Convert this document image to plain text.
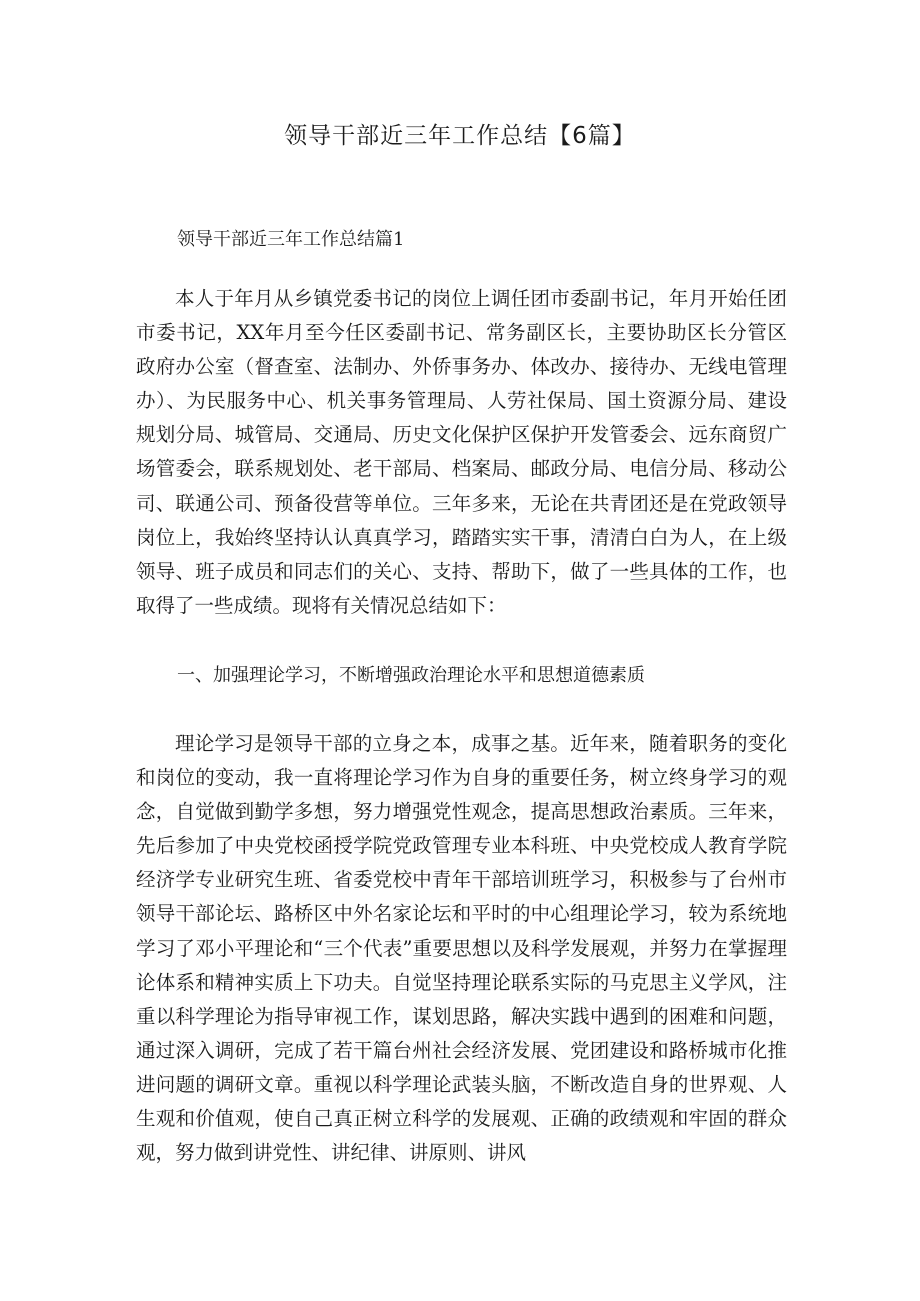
领导干部近三年工作总结【6篇】
领导干部近三年工作总结篇1

本人于年月从乡镇党委书记的岗位上调任团市委副书记，年月开始任团市委书记，XX年月至今任区委副书记、常务副区长，主要协助区长分管区政府办公室（督查室、法制办、外侨事务办、体改办、接待办、无线电管理办）、为民服务中心、机关事务管理局、人劳社保局、国土资源分局、建设规划分局、城管局、交通局、历史文化保护区保护开发管委会、远东商贸广场管委会，联系规划处、老干部局、档案局、邮政分局、电信分局、移动公司、联通公司、预备役营等单位。三年多来，无论在共青团还是在党政领导岗位上，我始终坚持认认真真学习，踏踏实实干事，清清白白为人，在上级领导、班子成员和同志们的关心、支持、帮助下，做了一些具体的工作，也取得了一些成绩。现将有关情况总结如下：

一、加强理论学习，不断增强政治理论水平和思想道德素质

理论学习是领导干部的立身之本，成事之基。近年来，随着职务的变化和岗位的变动，我一直将理论学习作为自身的重要任务，树立终身学习的观念，自觉做到勤学多想，努力增强党性观念，提高思想政治素质。三年来，先后参加了中央党校函授学院党政管理专业本科班、中央党校成人教育学院经济学专业研究生班、省委党校中青年干部培训班学习，积极参与了台州市领导干部论坛、路桥区中外名家论坛和平时的中心组理论学习，较为系统地学习了邓小平理论和“三个代表”重要思想以及科学发展观，并努力在掌握理论体系和精神实质上下功夫。自觉坚持理论联系实际的马克思主义学风，注重以科学理论为指导审视工作，谋划思路，解决实践中遇到的困难和问题，通过深入调研，完成了若干篇台州社会经济发展、党团建设和路桥城市化推进问题的调研文章。重视以科学理论武装头脑，不断改造自身的世界观、人生观和价值观，使自己真正树立科学的发展观、正确的政绩观和牢固的群众观，努力做到讲党性、讲纪律、讲原则、讲风
